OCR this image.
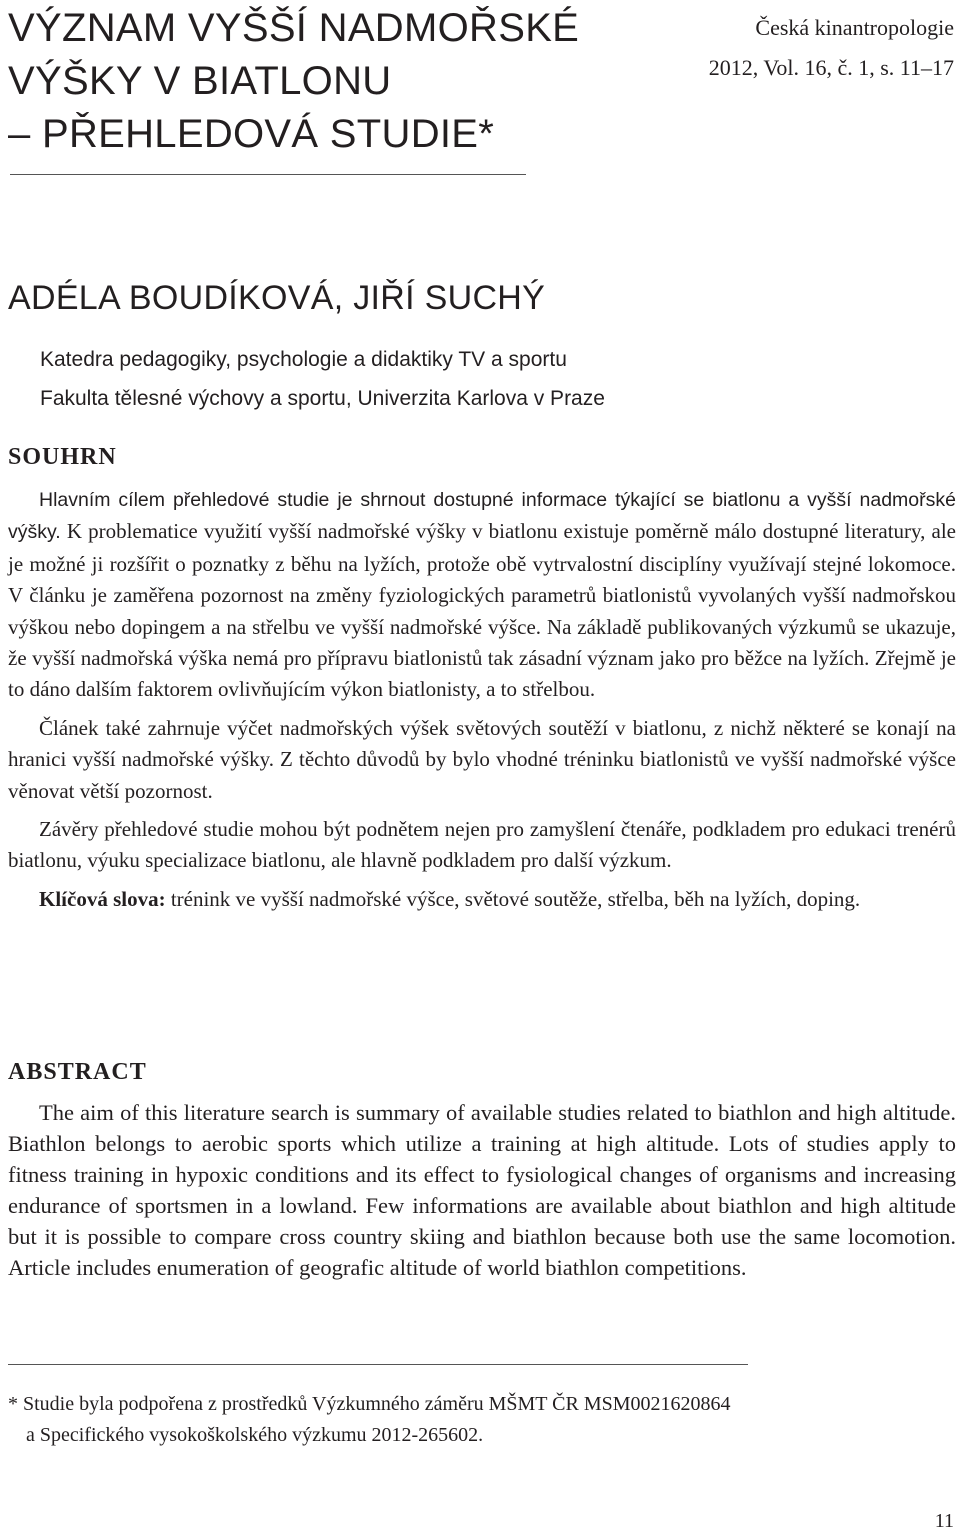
VÝZNAM VYŠŠÍ NADMOŘSKÉ
VÝŠKY V BIATLONU
– PŘEHLEDOVÁ STUDIE*
Česká kinantropologie
2012, Vol. 16, č. 1, s. 11–17
ADÉLA BOUDÍKOVÁ, JIŘÍ SUCHÝ
Katedra pedagogiky, psychologie a didaktiky TV a sportu
Fakulta tělesné výchovy a sportu, Univerzita Karlova v Praze
SOUHRN

Hlavním cílem přehledové studie je shrnout dostupné informace týkající se biatlonu a vyšší nadmořské výšky. K problematice využití vyšší nadmořské výšky v biatlonu existuje poměrně málo dostupné literatury, ale je možné ji rozšířit o poznatky z běhu na lyžích, protože obě vytrvalostní disciplíny využívají stejné lokomoce. V článku je zaměřena pozornost na změny fyziologických parametrů biatlonistů vyvolaných vyšší nadmořskou výškou nebo dopingem a na střelbu ve vyšší nadmořské výšce. Na základě publikovaných výzkumů se ukazuje, že vyšší nadmořská výška nemá pro přípravu biatlonistů tak zásadní význam jako pro běžce na lyžích. Zřejmě je to dáno dalším faktorem ovlivňujícím výkon biatlonisty, a to střelbou.

Článek také zahrnuje výčet nadmořských výšek světových soutěží v biatlonu, z nichž některé se konají na hranici vyšší nadmořské výšky. Z těchto důvodů by bylo vhodné tréninku biatlonistů ve vyšší nadmořské výšce věnovat větší pozornost.

Závěry přehledové studie mohou být podnětem nejen pro zamyšlení čtenáře, podkladem pro edukaci trenérů biatlonu, výuku specializace biatlonu, ale hlavně podkladem pro další výzkum.

Klíčová slova: trénink ve vyšší nadmořské výšce, světové soutěže, střelba, běh na lyžích, doping.

ABSTRACT

The aim of this literature search is summary of available studies related to biathlon and high altitude. Biathlon belongs to aerobic sports which utilize a training at high altitude. Lots of studies apply to fitness training in hypoxic conditions and its effect to fysiological changes of organisms and increasing endurance of sportsmen in a lowland. Few informations are available about biathlon and high altitude but it is possible to compare cross country skiing and biathlon because both use the same locomotion. Article includes enumeration of geografic altitude of world biathlon competitions.

* Studie byla podpořena z prostředků Výzkumného záměru MŠMT ČR MSM0021620864
a Specifického vysokoškolského výzkumu 2012-265602.
11
